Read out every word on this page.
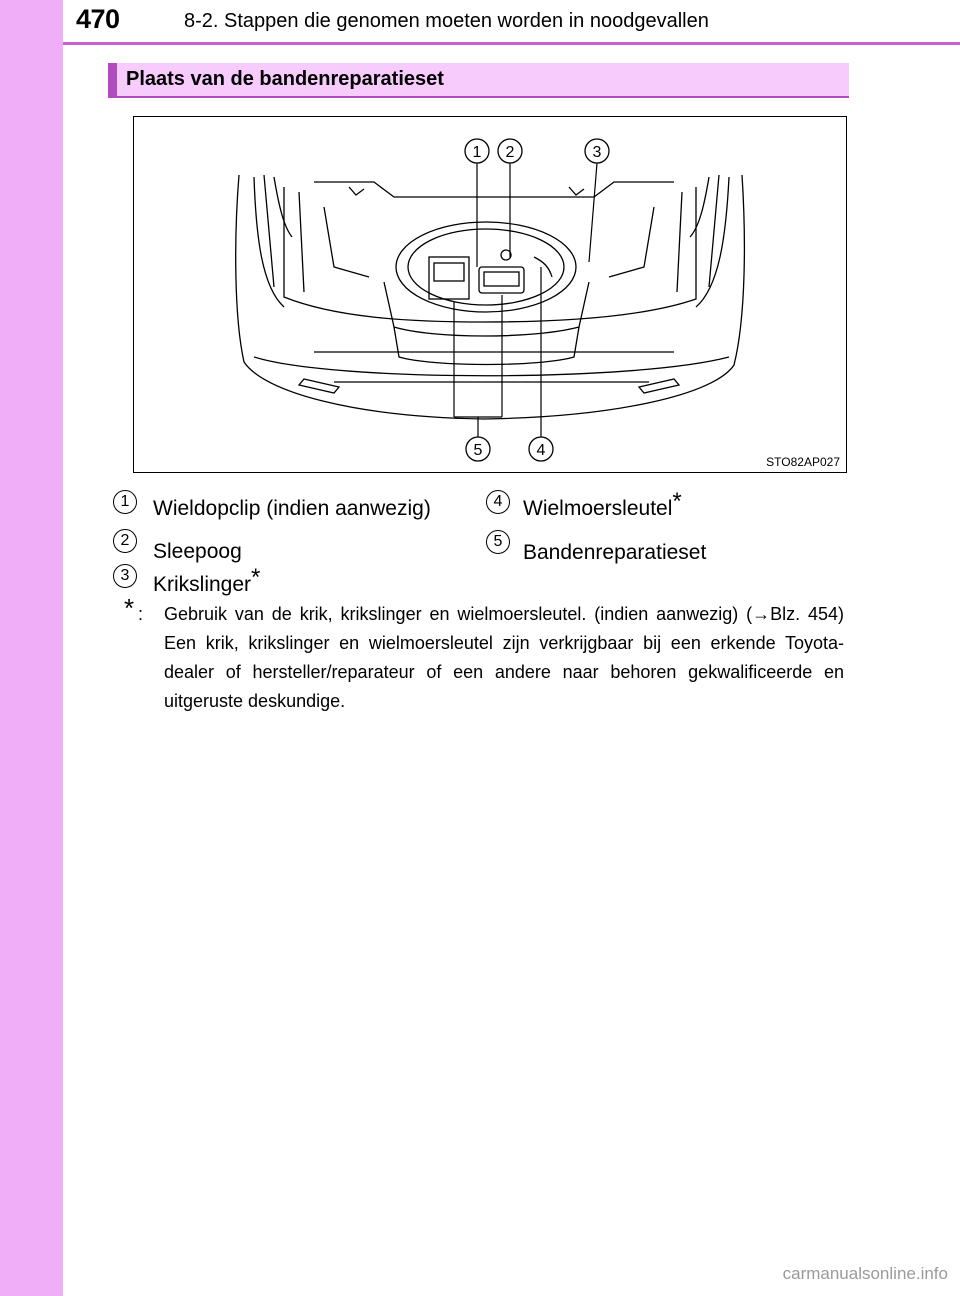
470	8-2. Stappen die genomen moeten worden in noodgevallen
Plaats van de bandenreparatieset
1 2	3
4
5
STO82AP027
1	Wieldopclip (indien aanwezig)
2	Sleepoog
3	Krikslinger*
4 Wielmoersleutel*
5 Bandenreparatieset
* : Gebruik van de krik, krikslinger en wielmoersleutel. (indien aanwezig) (→Blz. 454) Een krik, krikslinger en wielmoersleutel zijn verkrijgbaar bij een erkende Toyota-dealer of hersteller/reparateur of een andere naar behoren gekwalificeerde en uitgeruste deskundige.
carmanualsonline.info
